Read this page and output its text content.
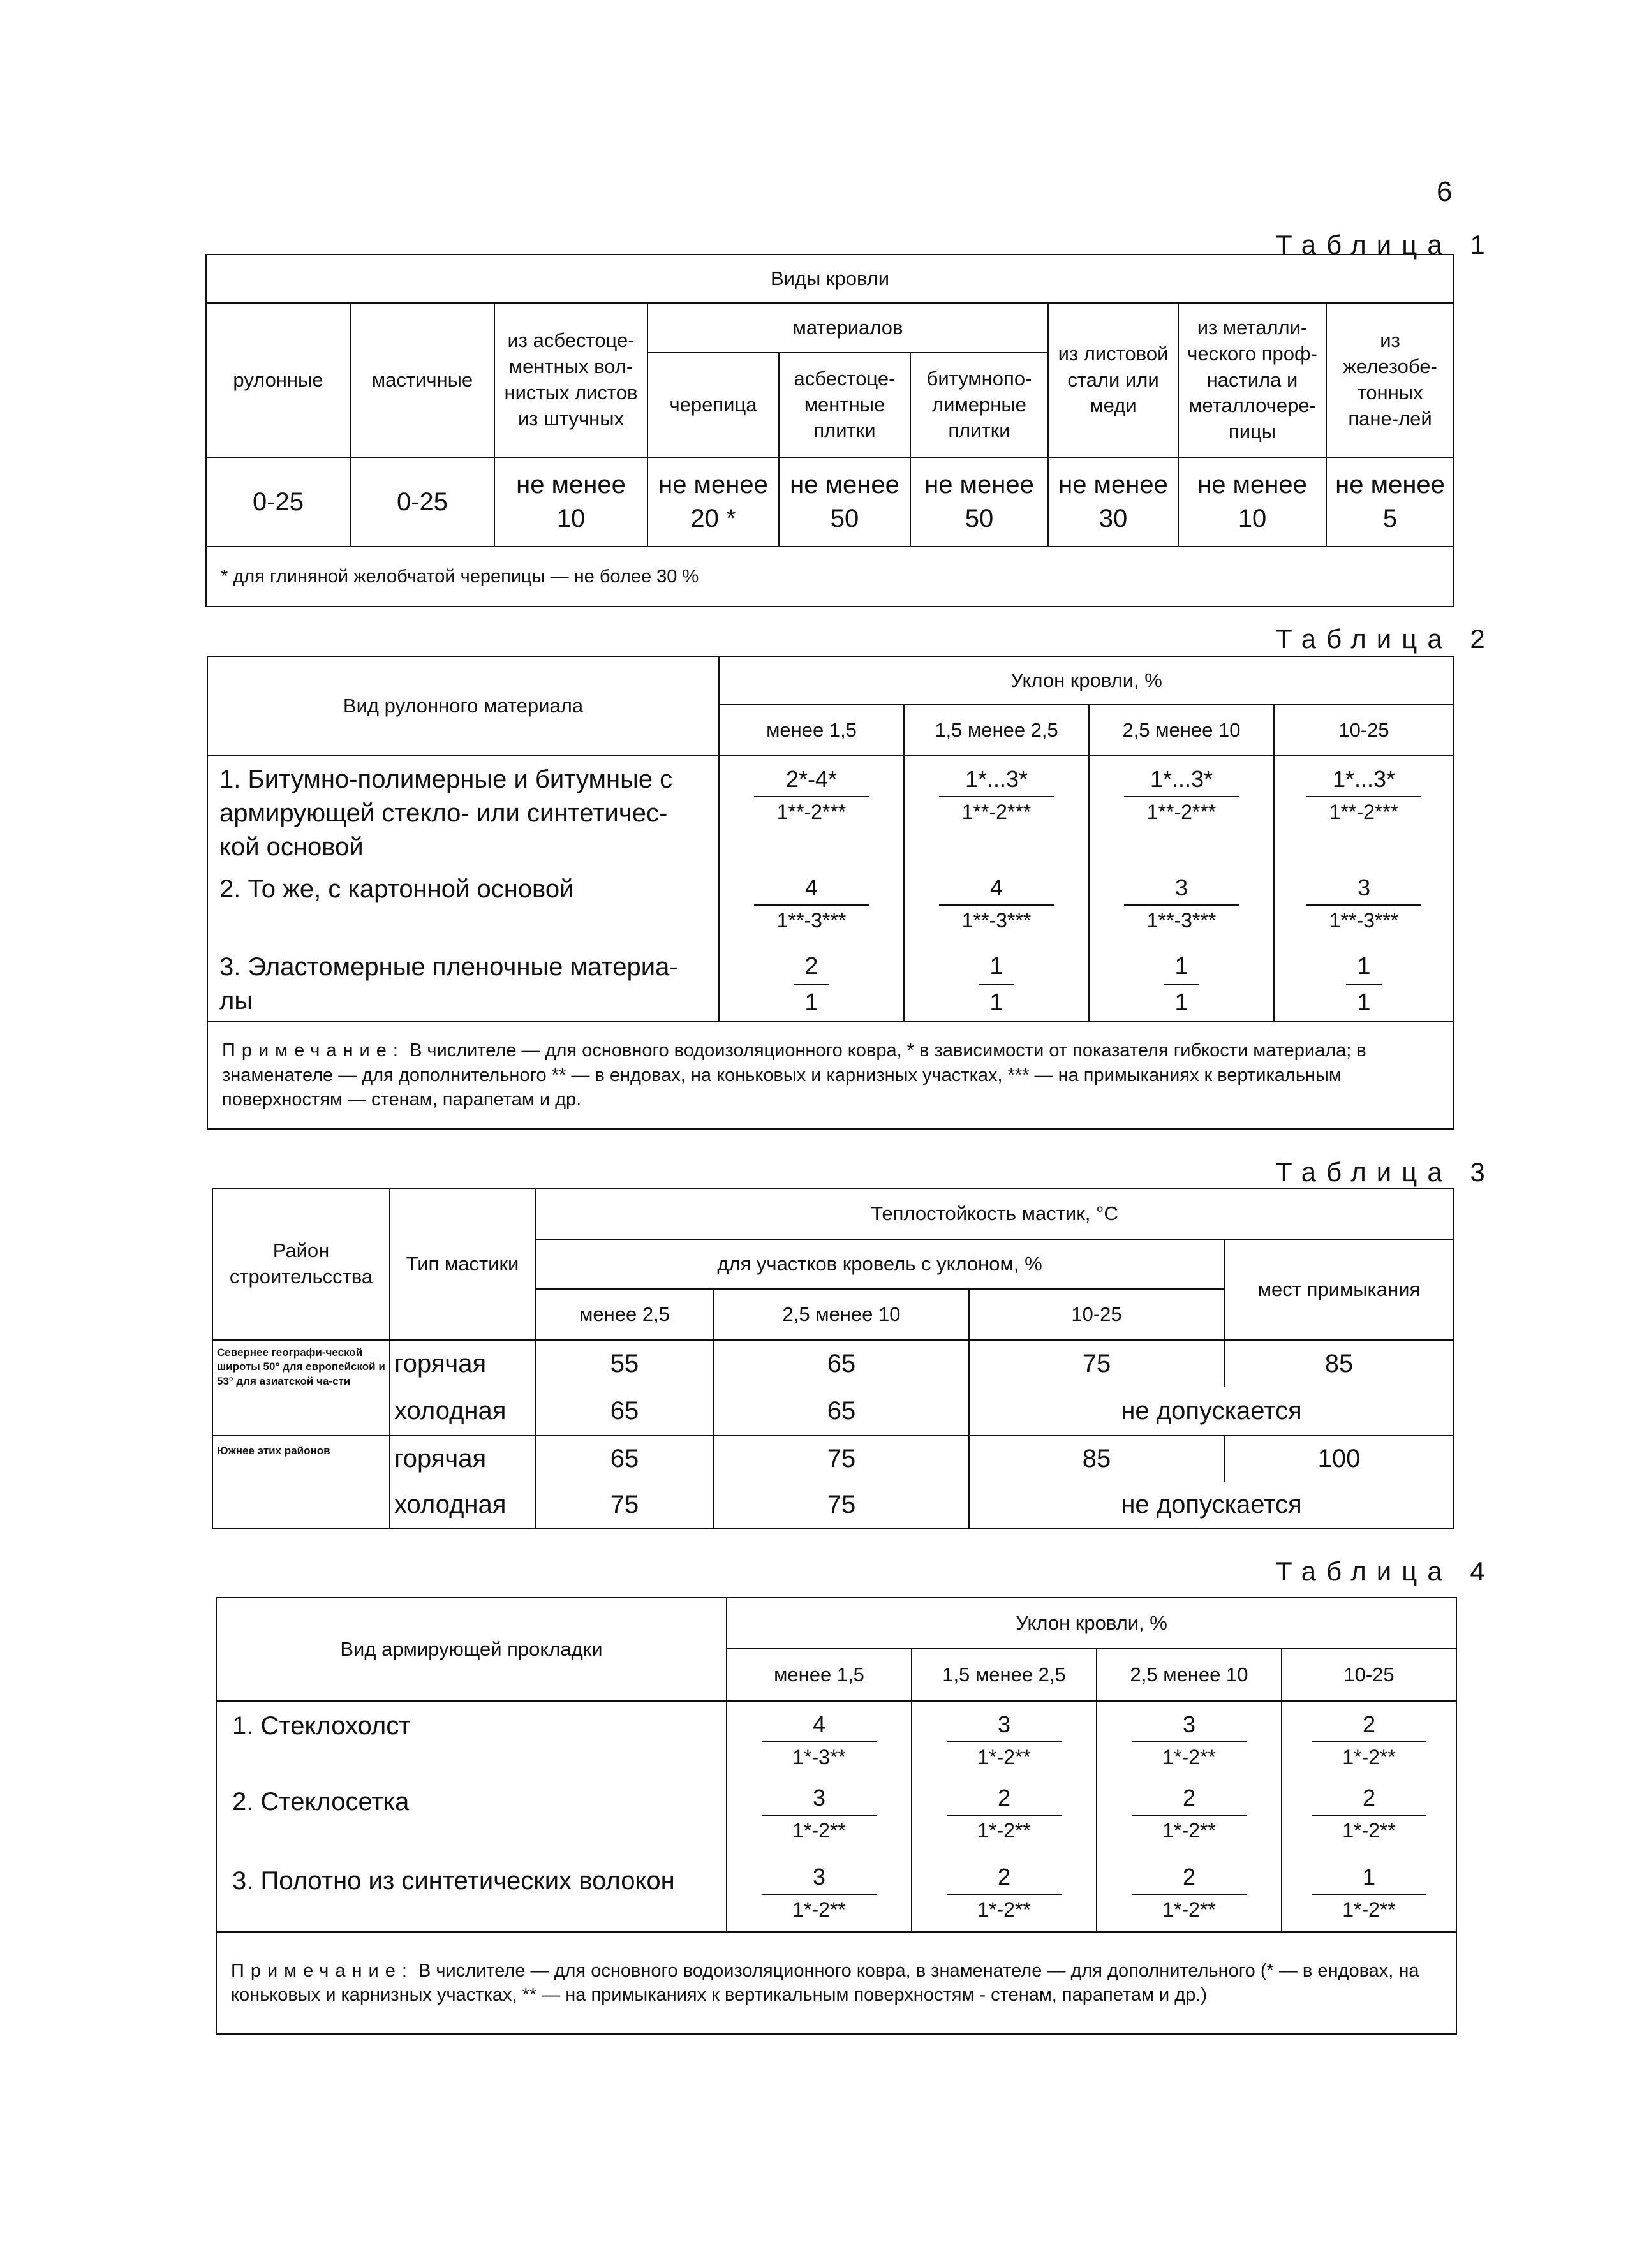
6
Таблица 1
Виды кровли								
рулонные	мастичные	из асбестоце-ментных вол-нистых листов из штучных	материалов			из листовой стали или меди	из металли-ческого проф-настила и металлочере-пицы	из железобе-тонных пане-лей
			черепица	асбестоце-ментные плитки	битумнопо-лимерные плитки			
0-25	0-25	не менее 10	не менее 20 *	не менее 50	не менее 50	не менее 30	не менее 10	не менее 5
* для глиняной желобчатой черепицы — не более 30 %								
Таблица 2
Вид рулонного материала	Уклон кровли, %			
	менее 1,5	1,5 менее 2,5	2,5 менее 10	10-25
1. Битумно-полимерные и битумные с армирующей стекло- или синтетичес-кой основой	$\frac{2*-4*}{1**-2***}$	$\frac{1*...3*}{1**-2***}$	$\frac{1*...3*}{1**-2***}$	$\frac{1*...3*}{1**-2***}$

2. То же, с картонной основой	$\frac{4}{1**-3***}$	$\frac{4}{1**-3***}$	$\frac{3}{1**-3***}$	$\frac{3}{1**-3***}$

3. Эластомерные пленочные материа-лы	$\frac{2}{1}$	$\frac{1}{1}$	$\frac{1}{1}$	$\frac{1}{1}$

Примечание: В числителе — для основного водоизоляционного ковра, * в зависимости от показателя гибкости материала; в знаменателе — для дополнительного ** — в ендовах, на коньковых и карнизных участках, *** — на примыканиях к вертикальным поверхностям — стенам, парапетам и др.				
Таблица 3
Район строительсства	Тип мастики	Теплостойкость мастик, °С			
		для участков кровель с уклоном, %			мест примыкания
		менее 2,5	2,5 менее 10	10-25	
Севернее географи-ческой широты 50° для европейской и 53° для азиатской ча-сти	горячая	55	65	75	85
	холодная	65	65	не допускается	
Южнее этих районов	горячая	65	75	85	100
	холодная	75	75	не допускается	
Таблица 4
Вид армирующей прокладки	Уклон кровли, %			
	менее 1,5	1,5 менее 2,5	2,5 менее 10	10-25
1. Стеклохолст	$\frac{4}{1*-3**}$	$\frac{3}{1*-2**}$	$\frac{3}{1*-2**}$	$\frac{2}{1*-2**}$

2. Стеклосетка	$\frac{3}{1*-2**}$	$\frac{2}{1*-2**}$	$\frac{2}{1*-2**}$	$\frac{2}{1*-2**}$

3. Полотно из синтетических волокон	$\frac{3}{1*-2**}$	$\frac{2}{1*-2**}$	$\frac{2}{1*-2**}$	$\frac{1}{1*-2**}$

Примечание: В числителе — для основного водоизоляционного ковра, в знаменателе — для дополнительного (* — в ендовах, на коньковых и карнизных участках, ** — на примыканиях к вертикальным поверхностям - стенам, парапетам и др.)				
